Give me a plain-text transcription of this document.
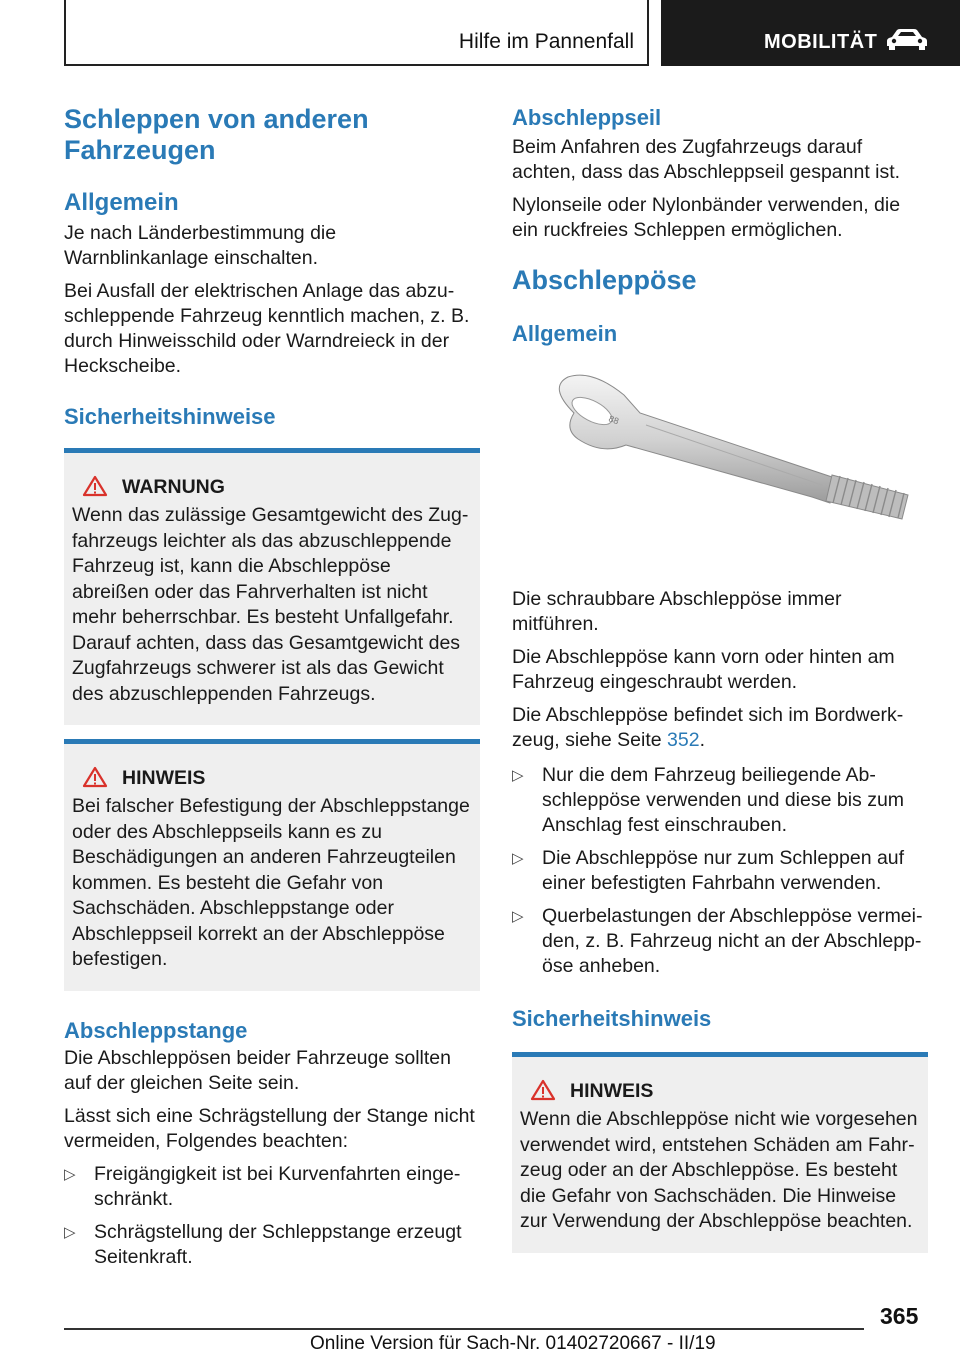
Hilfe im Pannenfall	MOBILITÄT
Schleppen von anderen Fahrzeugen
Allgemein

Je nach Länderbestimmung die Warnblinkanlage einschalten.

Bei Ausfall der elektrischen Anlage das abzuschleppende Fahrzeug kenntlich machen, z. B. durch Hinweisschild oder Warndreieck in der Heckscheibe.

Sicherheitshinweise
WARNUNG

Wenn das zulässige Gesamtgewicht des Zugfahrzeugs leichter als das abzuschleppende Fahrzeug ist, kann die Abschleppöse abreißen oder das Fahrverhalten ist nicht mehr beherrschbar. Es besteht Unfallgefahr. Darauf achten, dass das Gesamtgewicht des Zugfahrzeugs schwerer ist als das Gewicht des abzuschleppenden Fahrzeugs.

HINWEIS

Bei falscher Befestigung der Abschleppstange oder des Abschleppseils kann es zu Beschädigungen an anderen Fahrzeugteilen kommen. Es besteht die Gefahr von Sachschäden. Abschleppstange oder Abschleppseil korrekt an der Abschleppöse befestigen.

Abschleppstange

Die Abschleppösen beider Fahrzeuge sollten auf der gleichen Seite sein.

Lässt sich eine Schrägstellung der Stange nicht vermeiden, Folgendes beachten:

▷ Freigängigkeit ist bei Kurvenfahrten eingeschränkt.
▷ Schrägstellung der Schleppstange erzeugt Seitenkraft.
Abschleppseil

Beim Anfahren des Zugfahrzeugs darauf achten, dass das Abschleppseil gespannt ist.

Nylonseile oder Nylonbänder verwenden, die ein ruckfreies Schleppen ermöglichen.

Abschleppöse
Allgemein
88

Die schraubbare Abschleppöse immer mitführen.

Die Abschleppöse kann vorn oder hinten am Fahrzeug eingeschraubt werden.

Die Abschleppöse befindet sich im Bordwerkzeug, siehe Seite 352.

▷ Nur die dem Fahrzeug beiliegende Abschleppöse verwenden und diese bis zum Anschlag fest einschrauben.
▷ Die Abschleppöse nur zum Schleppen auf einer befestigten Fahrbahn verwenden.
▷ Querbelastungen der Abschleppöse vermeiden, z. B. Fahrzeug nicht an der Abschleppöse anheben.
Sicherheitshinweis
HINWEIS

Wenn die Abschleppöse nicht wie vorgesehen verwendet wird, entstehen Schäden am Fahrzeug oder an der Abschleppöse. Es besteht die Gefahr von Sachschäden. Die Hinweise zur Verwendung der Abschleppöse beachten.

365
Online Version für Sach-Nr. 01402720667 - II/19
